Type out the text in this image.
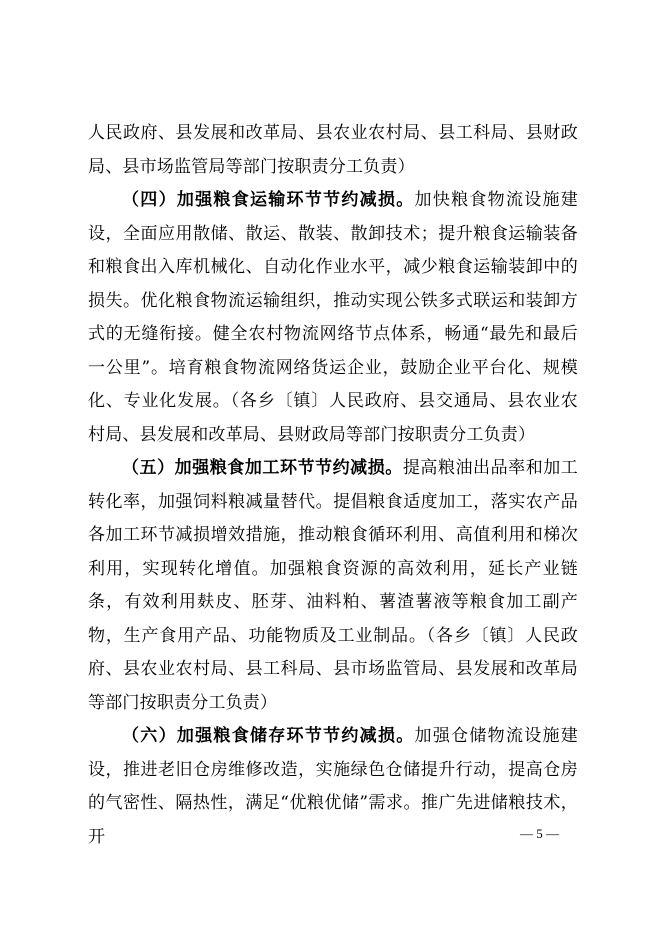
人民政府、县发展和改革局、县农业农村局、县工科局、县财政局、县市场监管局等部门按职责分工负责）

（四）加强粮食运输环节节约减损。加快粮食物流设施建设，全面应用散储、散运、散装、散卸技术；提升粮食运输装备和粮食出入库机械化、自动化作业水平，减少粮食运输装卸中的损失。优化粮食物流运输组织，推动实现公铁多式联运和装卸方式的无缝衔接。健全农村物流网络节点体系，畅通“最先和最后一公里”。培育粮食物流网络货运企业，鼓励企业平台化、规模化、专业化发展。（各乡〔镇〕人民政府、县交通局、县农业农村局、县发展和改革局、县财政局等部门按职责分工负责）

（五）加强粮食加工环节节约减损。提高粮油出品率和加工转化率，加强饲料粮减量替代。提倡粮食适度加工，落实农产品各加工环节减损增效措施，推动粮食循环利用、高值利用和梯次利用，实现转化增值。加强粮食资源的高效利用，延长产业链条，有效利用麸皮、胚芽、油料粕、薯渣薯液等粮食加工副产物，生产食用产品、功能物质及工业制品。（各乡〔镇〕人民政府、县农业农村局、县工科局、县市场监管局、县发展和改革局等部门按职责分工负责）

（六）加强粮食储存环节节约减损。加强仓储物流设施建设，推进老旧仓房维修改造，实施绿色仓储提升行动，提高仓房的气密性、隔热性，满足“优粮优储”需求。推广先进储粮技术，开	— 5 —
